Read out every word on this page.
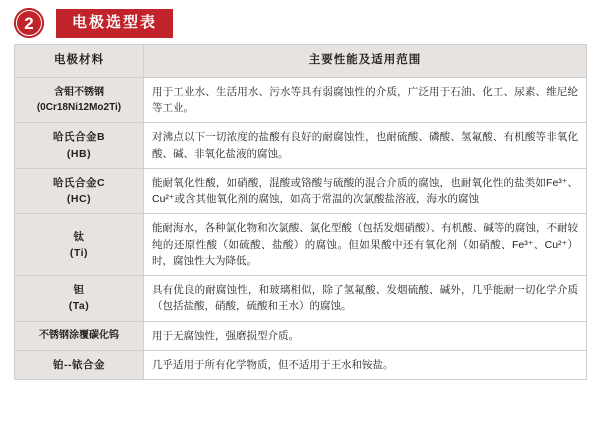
2	电极选型表
电极材料	主要性能及适用范围
含钼不锈钢
(0Cr18Ni12Mo2Ti)	用于工业水、生活用水、污水等具有弱腐蚀性的介质，广泛用于石油、化工、尿素、维尼纶等工业。
哈氏合金B
(HB)	对沸点以下一切浓度的盐酸有良好的耐腐蚀性，也耐硫酸、磷酸、氢氟酸、有机酸等非氧化酸、碱、非氧化盐液的腐蚀。
哈氏合金C
(HC)	能耐氧化性酸，如硝酸，混酸或铬酸与硫酸的混合介质的腐蚀，也耐氧化性的盐类如Fe³⁺、Cu²⁺或含其他氧化剂的腐蚀，如高于常温的次氯酸盐溶液，海水的腐蚀
钛
(Ti)	能耐海水，各种氯化物和次氯酸、氯化型酸（包括发烟硝酸）、有机酸、碱等的腐蚀，不耐较纯的还原性酸（如硫酸、盐酸）的腐蚀。但如果酸中还有氧化剂（如硝酸、Fe³⁺、Cu²⁺）时，腐蚀性大为降低。
钽
(Ta)	具有优良的耐腐蚀性，和玻璃相似，除了氢氟酸、发烟硫酸、碱外，几乎能耐一切化学介质（包括盐酸，硝酸，硫酸和王水）的腐蚀。
不锈钢涂覆碳化钨	用于无腐蚀性，强磨损型介质。
铂--铱合金	几乎适用于所有化学物质，但不适用于王水和铵盐。
